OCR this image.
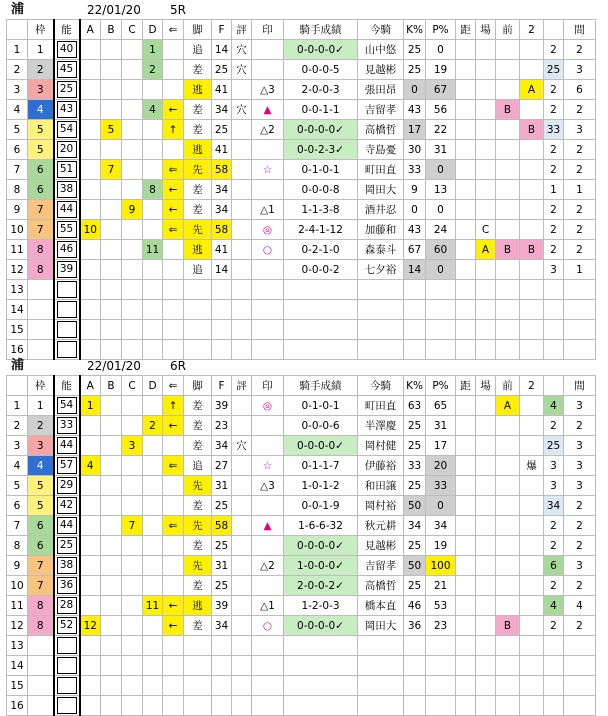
浦	22/01/20 5R
	枠	能	A	B	C	D	⇐	脚	F	評	印	騎手成績	今騎	K%	P%	距	場	前	2		間
1	1	40				1		追	14	穴		0-0-0-0✓	山中悠	25	0					2	2
2	2	45				2		差	25	穴		0-0-0-5	見越彬	25	19					25	3
3	3	25						逃	41		△3	2-0-0-3	張田昂	0	67				A	2	6
4	4	43				4	←	差	34	穴	▲	0-0-1-1	吉留孝	43	56			B		2	2
5	5	54		5			↑	差	25		△2	0-0-0-0✓	高橋哲	17	22				B	33	3
6	5	20						逃	41			0-0-2-3✓	寺島憂	30	31					2	2
7	6	51		7			⇐	先	58		☆	0-1-0-1	町田直	33	0					2	2
8	6	38				8	←	差	34			0-0-0-8	岡田大	9	13					1	1
9	7	44			9		←	差	34		△1	1-1-3-8	酒井忍	0	0					2	2
10	7	55	10				⇐	先	58		◎	2-4-1-12	加藤和	43	24		C			2	2
11	8	46				11		逃	41		○	0-2-1-0	森泰斗	67	60		A	B	B	2	2
12	8	39						追	14			0-0-0-2	七夕裕	14	0					3	1
13		

14		

15		

16		

浦	22/01/20 6R
	枠	能	A	B	C	D	⇐	脚	F	評	印	騎手成績	今騎	K%	P%	距	場	前	2		間
1	1	54	1				↑	差	39		◎	0-1-0-1	町田直	63	65			A		4	3
2	2	33				2	←	差	23			0-0-0-6	半澤慶	25	31					2	2
3	3	44			3			差	34	穴		0-0-0-0✓	岡村健	25	17					25	3
4	4	57	4				⇐	追	27		☆	0-1-1-7	伊藤裕	33	20				爆	3	3
5	5	29						先	31		△3	1-0-1-2	和田譲	25	33					3	3
6	5	42						差	25			0-0-1-9	岡村裕	50	0					34	2
7	6	44			7		⇐	先	58		▲	1-6-6-32	秋元耕	34	34					2	2
8	6	25						差	25			0-0-0-0✓	見越彬	25	19					2	2
9	7	38						先	31		△2	1-0-0-0✓	吉留孝	50	100					6	3
10	7	36						差	25			2-0-0-2✓	高橋哲	25	21					2	2
11	8	28				11	←	逃	39		△1	1-2-0-3	橋本直	46	53					4	4
12	8	52	12				←	差	34		○	0-0-0-0✓	岡田大	36	23			B		2	2
13		

14		

15		

16		
